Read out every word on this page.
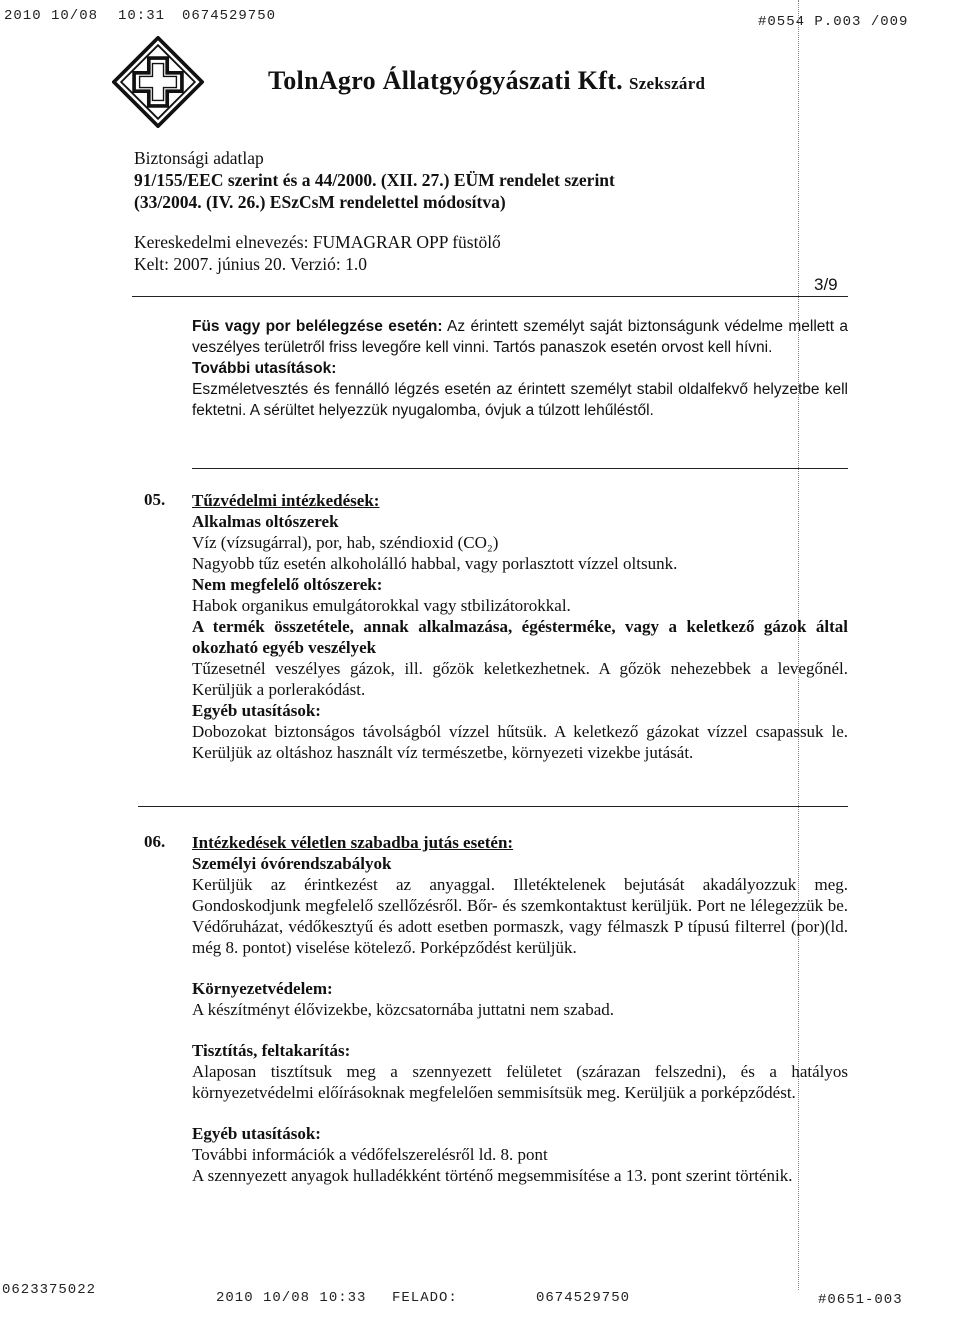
2010 10/08 10:31 0674529750	#0554 P.003 /009
TolnAgro Állatgyógyászati Kft. Szekszárd
Biztonsági adatlap
91/155/EEC szerint és a 44/2000. (XII. 27.) EÜM rendelet szerint
(33/2004. (IV. 26.) ESzCsM rendelettel módosítva)
Kereskedelmi elnevezés: FUMAGRAR OPP füstölő
Kelt: 2007. június 20. Verzió: 1.0
3/9

Füs vagy por belélegzése esetén: Az érintett személyt saját biztonságunk védelme mellett a veszélyes területről friss levegőre kell vinni. Tartós panaszok esetén orvost kell hívni.

További utasítások:

Eszméletvesztés és fennálló légzés esetén az érintett személyt stabil oldalfekvő helyzetbe kell fektetni. A sérültet helyezzük nyugalomba, óvjuk a túlzott lehűléstől.

05. Tűzvédelmi intézkedések:

Alkalmas oltószerek

Víz (vízsugárral), por, hab, széndioxid (CO₂)

Nagyobb tűz esetén alkoholálló habbal, vagy porlasztott vízzel oltsunk.

Nem megfelelő oltószerek:

Habok organikus emulgátorokkal vagy stbilizátorokkal.

A termék összetétele, annak alkalmazása, égésterméke, vagy a keletkező gázok által okozható egyéb veszélyek

Tűzesetnél veszélyes gázok, ill. gőzök keletkezhetnek. A gőzök nehezebbek a levegőnél. Kerüljük a porlerakódást.

Egyéb utasítások:

Dobozokat biztonságos távolságból vízzel hűtsük. A keletkező gázokat vízzel csapassuk le. Kerüljük az oltáshoz használt víz természetbe, környezeti vizekbe jutását.

06. Intézkedések véletlen szabadba jutás esetén:

Személyi óvórendszabályok

Kerüljük az érintkezést az anyaggal. Illetéktelenek bejutását akadályozzuk meg. Gondoskodjunk megfelelő szellőzésről. Bőr- és szemkontaktust kerüljük. Port ne lélegezzük be. Védőruházat, védőkesztyű és adott esetben pormaszk, vagy félmaszk P típusú filterrel (por)(ld. még 8. pontot) viselése kötelező. Porképződést kerüljük.

Környezetvédelem:

A készítményt élővizekbe, közcsatornába juttatni nem szabad.

Tisztítás, feltakarítás:

Alaposan tisztítsuk meg a szennyezett felületet (szárazan felszedni), és a hatályos környezetvédelmi előírásoknak megfelelően semmisítsük meg. Kerüljük a porképződést.

Egyéb utasítások:

További információk a védőfelszerelésről ld. 8. pont

A szennyezett anyagok hulladékként történő megsemmisítése a 13. pont szerint történik.

0623375022	2010 10/08 10:33 FELADO:	0674529750	#0651-003
